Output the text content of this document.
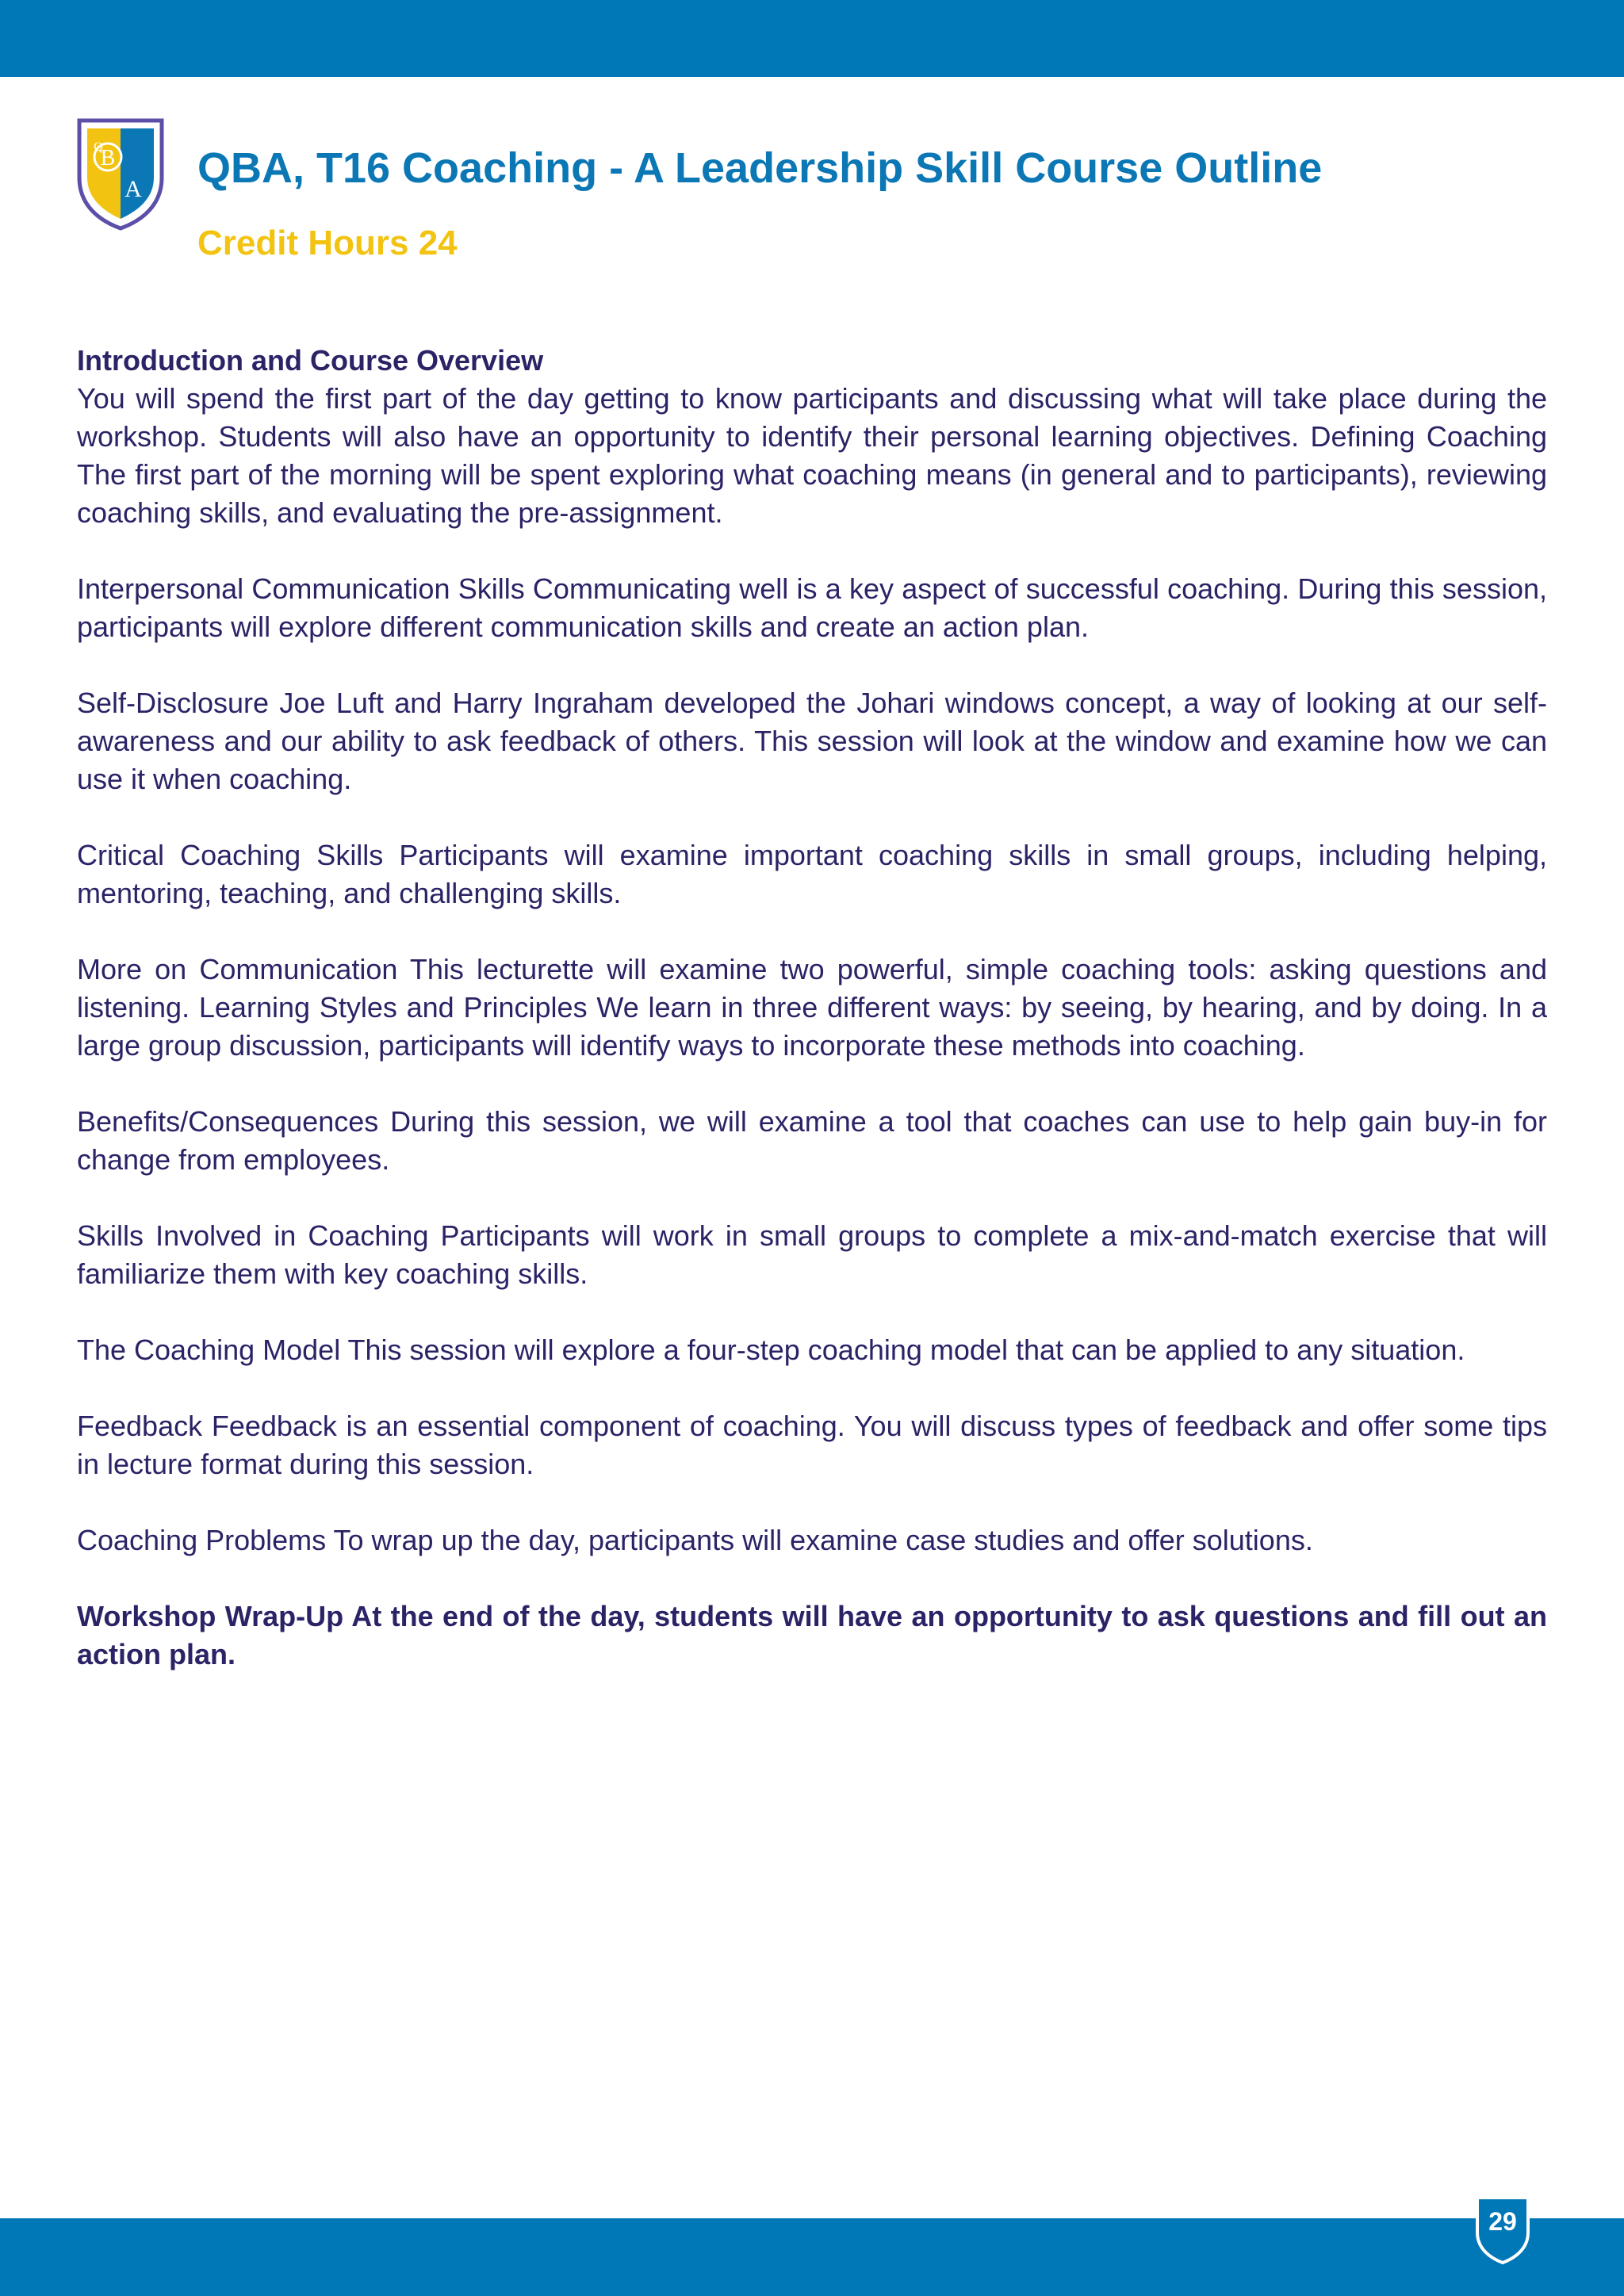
B
Q
A QBA, T16 Coaching - A Leadership Skill Course Outline
Credit Hours 24

Introduction and Course Overview

You will spend the first part of the day getting to know participants and discussing what will take place during the workshop. Students will also have an opportunity to identify their personal learning objectives. Defining Coaching The first part of the morning will be spent exploring what coaching means (in general and to participants), reviewing coaching skills, and evaluating the pre-assignment.

Interpersonal Communication Skills Communicating well is a key aspect of successful coaching. During this session, participants will explore different communication skills and create an action plan.

Self-Disclosure Joe Luft and Harry Ingraham developed the Johari windows concept, a way of looking at our self-awareness and our ability to ask feedback of others. This session will look at the window and examine how we can use it when coaching.

Critical Coaching Skills Participants will examine important coaching skills in small groups, including helping, mentoring, teaching, and challenging skills.

More on Communication This lecturette will examine two powerful, simple coaching tools: asking questions and listening. Learning Styles and Principles We learn in three different ways: by seeing, by hearing, and by doing. In a large group discussion, participants will identify ways to incorporate these methods into coaching.

Benefits/Consequences During this session, we will examine a tool that coaches can use to help gain buy-in for change from employees.

Skills Involved in Coaching Participants will work in small groups to complete a mix-and-match exercise that will familiarize them with key coaching skills.

The Coaching Model This session will explore a four-step coaching model that can be applied to any situation.

Feedback Feedback is an essential component of coaching. You will discuss types of feedback and offer some tips in lecture format during this session.

Coaching Problems To wrap up the day, participants will examine case studies and offer solutions.

Workshop Wrap-Up At the end of the day, students will have an opportunity to ask questions and fill out an action plan.

29
